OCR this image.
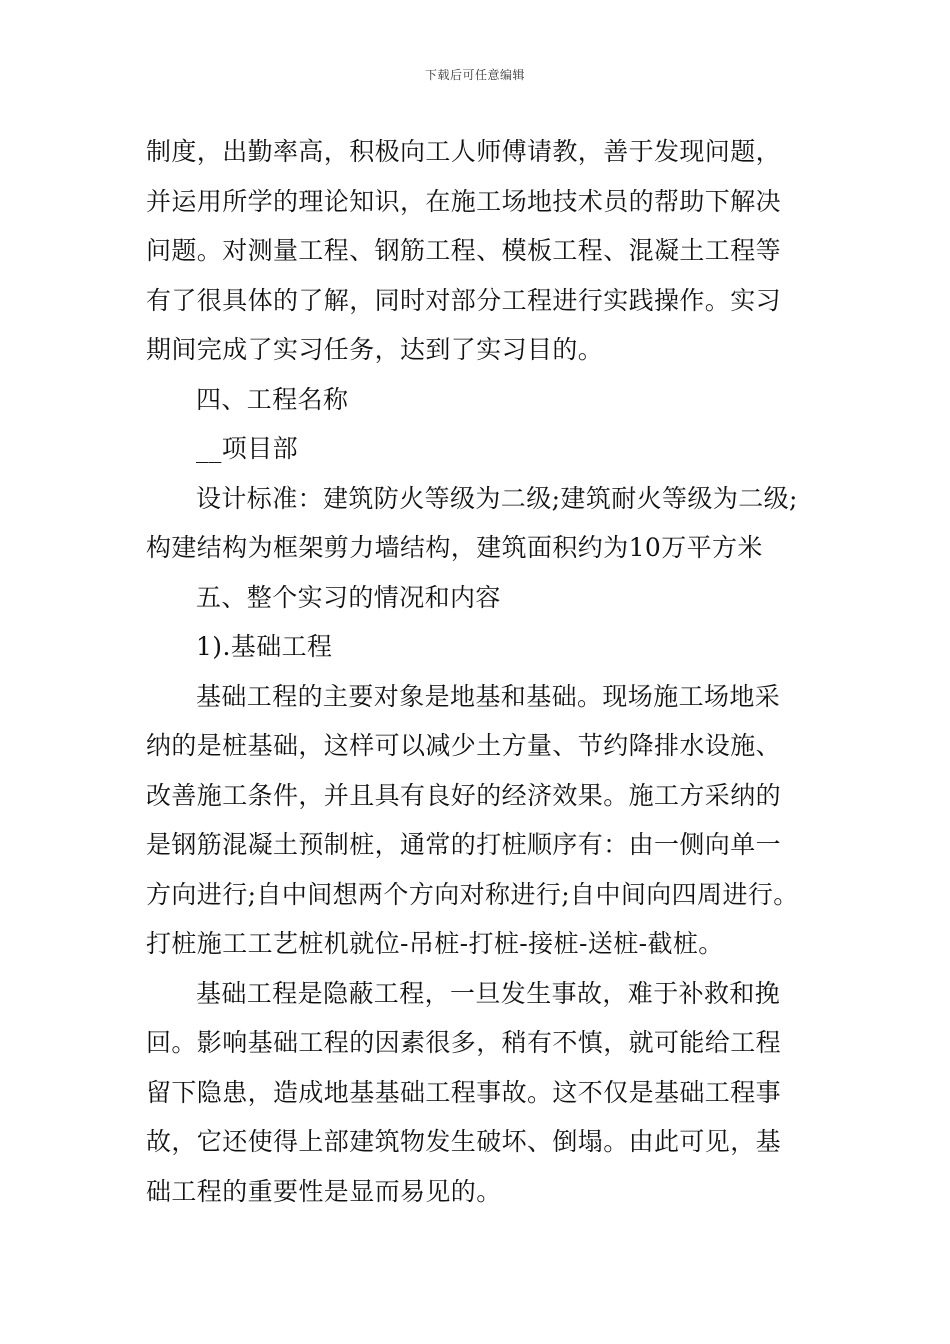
下载后可任意编辑
制度，出勤率高，积极向工人师傅请教，善于发现问题，
并运用所学的理论知识，在施工场地技术员的帮助下解决
问题。对测量工程、钢筋工程、模板工程、混凝土工程等
有了很具体的了解，同时对部分工程进行实践操作。实习
期间完成了实习任务，达到了实习目的。
四、工程名称
__项目部
设计标准：建筑防火等级为二级;建筑耐火等级为二级;
构建结构为框架剪力墙结构，建筑面积约为10万平方米
五、整个实习的情况和内容
1).基础工程
基础工程的主要对象是地基和基础。现场施工场地采
纳的是桩基础，这样可以减少土方量、节约降排水设施、
改善施工条件，并且具有良好的经济效果。施工方采纳的
是钢筋混凝土预制桩，通常的打桩顺序有：由一侧向单一
方向进行;自中间想两个方向对称进行;自中间向四周进行。
打桩施工工艺桩机就位-吊桩-打桩-接桩-送桩-截桩。
基础工程是隐蔽工程，一旦发生事故，难于补救和挽
回。影响基础工程的因素很多，稍有不慎，就可能给工程
留下隐患，造成地基基础工程事故。这不仅是基础工程事
故，它还使得上部建筑物发生破坏、倒塌。由此可见，基
础工程的重要性是显而易见的。
